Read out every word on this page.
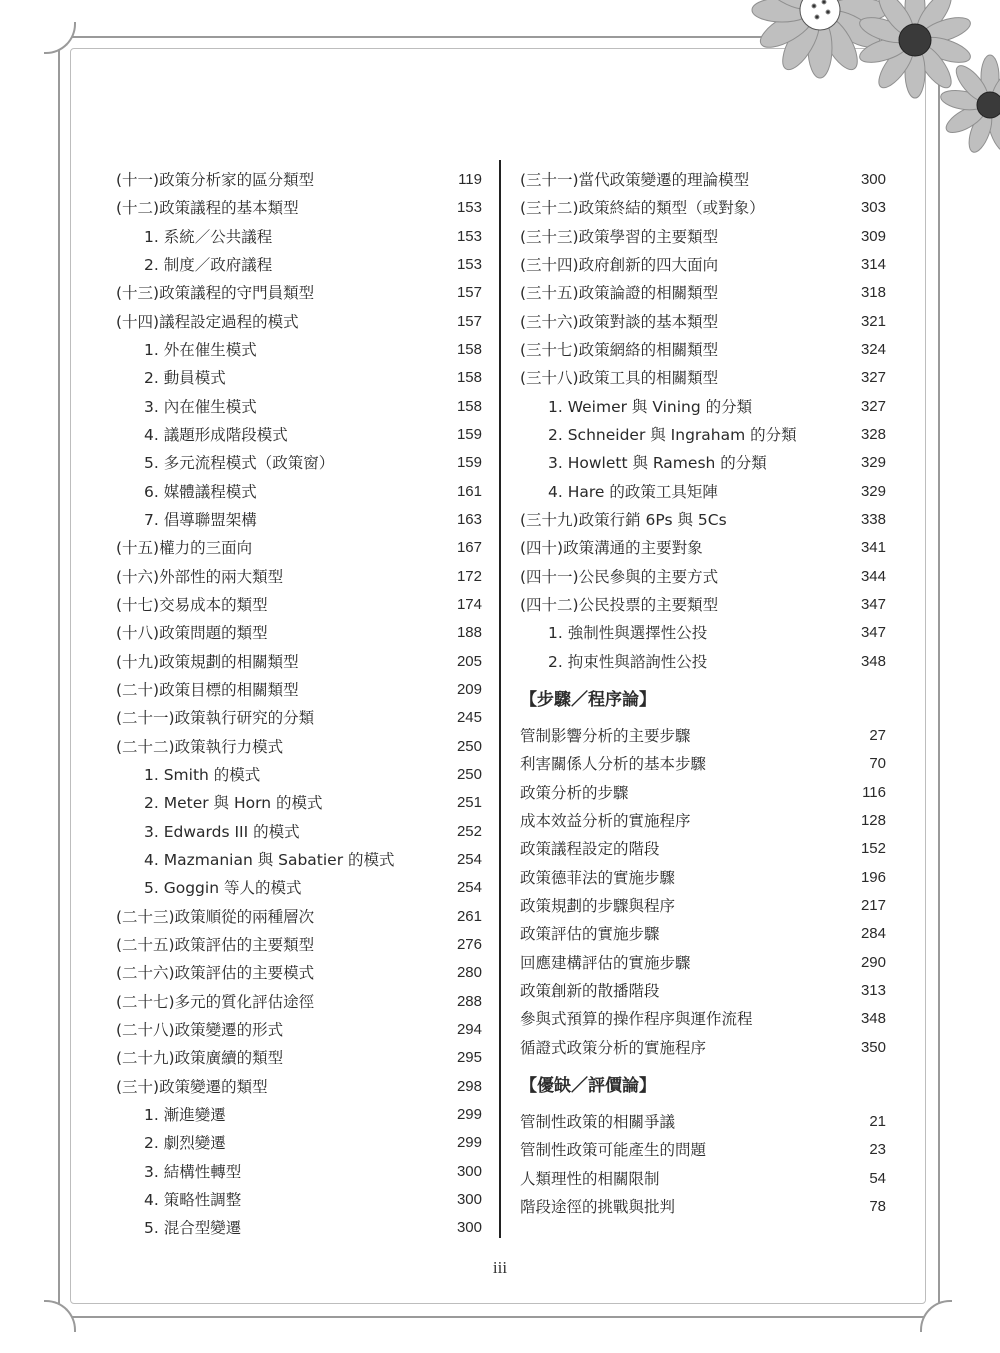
(十一)政策分析家的區分類型	119
(十二)政策議程的基本類型	153
1. 系統／公共議程	153
2. 制度／政府議程	153
(十三)政策議程的守門員類型	157
(十四)議程設定過程的模式	157
1. 外在催生模式	158
2. 動員模式	158
3. 內在催生模式	158
4. 議題形成階段模式	159
5. 多元流程模式（政策窗）	159
6. 媒體議程模式	161
7. 倡導聯盟架構	163
(十五)權力的三面向	167
(十六)外部性的兩大類型	172
(十七)交易成本的類型	174
(十八)政策問題的類型	188
(十九)政策規劃的相關類型	205
(二十)政策目標的相關類型	209
(二十一)政策執行研究的分類	245
(二十二)政策執行力模式	250
1. Smith 的模式	250
2. Meter 與 Horn 的模式	251
3. Edwards III 的模式	252
4. Mazmanian 與 Sabatier 的模式	254
5. Goggin 等人的模式	254
(二十三)政策順從的兩種層次	261
(二十五)政策評估的主要類型	276
(二十六)政策評估的主要模式	280
(二十七)多元的質化評估途徑	288
(二十八)政策變遷的形式	294
(二十九)政策廣續的類型	295
(三十)政策變遷的類型	298
1. 漸進變遷	299
2. 劇烈變遷	299
3. 結構性轉型	300
4. 策略性調整	300
5. 混合型變遷	300
(三十一)當代政策變遷的理論模型	300
(三十二)政策終結的類型（或對象）	303
(三十三)政策學習的主要類型	309
(三十四)政府創新的四大面向	314
(三十五)政策論證的相關類型	318
(三十六)政策對談的基本類型	321
(三十七)政策網絡的相關類型	324
(三十八)政策工具的相關類型	327
1. Weimer 與 Vining 的分類	327
2. Schneider 與 Ingraham 的分類	328
3. Howlett 與 Ramesh 的分類	329
4. Hare 的政策工具矩陣	329
(三十九)政策行銷 6Ps 與 5Cs	338
(四十)政策溝通的主要對象	341
(四十一)公民參與的主要方式	344
(四十二)公民投票的主要類型	347
1. 強制性與選擇性公投	347
2. 拘束性與諮詢性公投	348
【步驟／程序論】
管制影響分析的主要步驟	27
利害關係人分析的基本步驟	70
政策分析的步驟	116
成本效益分析的實施程序	128
政策議程設定的階段	152
政策德菲法的實施步驟	196
政策規劃的步驟與程序	217
政策評估的實施步驟	284
回應建構評估的實施步驟	290
政策創新的散播階段	313
參與式預算的操作程序與運作流程	348
循證式政策分析的實施程序	350
【優缺／評價論】
管制性政策的相關爭議	21
管制性政策可能產生的問題	23
人類理性的相關限制	54
階段途徑的挑戰與批判	78
iii
